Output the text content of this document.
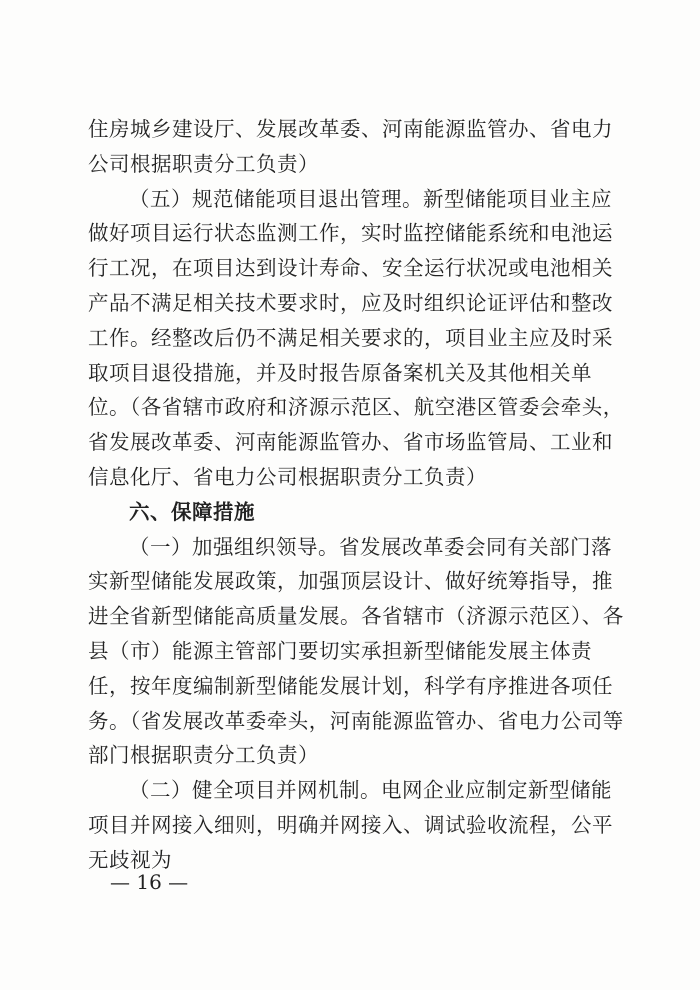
住房城乡建设厅、发展改革委、河南能源监管办、省电力公司根据职责分工负责）

（五）规范储能项目退出管理。新型储能项目业主应做好项目运行状态监测工作，实时监控储能系统和电池运行工况，在项目达到设计寿命、安全运行状况或电池相关产品不满足相关技术要求时，应及时组织论证评估和整改工作。经整改后仍不满足相关要求的，项目业主应及时采取项目退役措施，并及时报告原备案机关及其他相关单位。（各省辖市政府和济源示范区、航空港区管委会牵头，省发展改革委、河南能源监管办、省市场监管局、工业和信息化厅、省电力公司根据职责分工负责）

六、保障措施

（一）加强组织领导。省发展改革委会同有关部门落实新型储能发展政策，加强顶层设计、做好统筹指导，推进全省新型储能高质量发展。各省辖市（济源示范区）、各县（市）能源主管部门要切实承担新型储能发展主体责任，按年度编制新型储能发展计划，科学有序推进各项任务。（省发展改革委牵头，河南能源监管办、省电力公司等部门根据职责分工负责）

（二）健全项目并网机制。电网企业应制定新型储能项目并网接入细则，明确并网接入、调试验收流程，公平无歧视为

— 16 —
